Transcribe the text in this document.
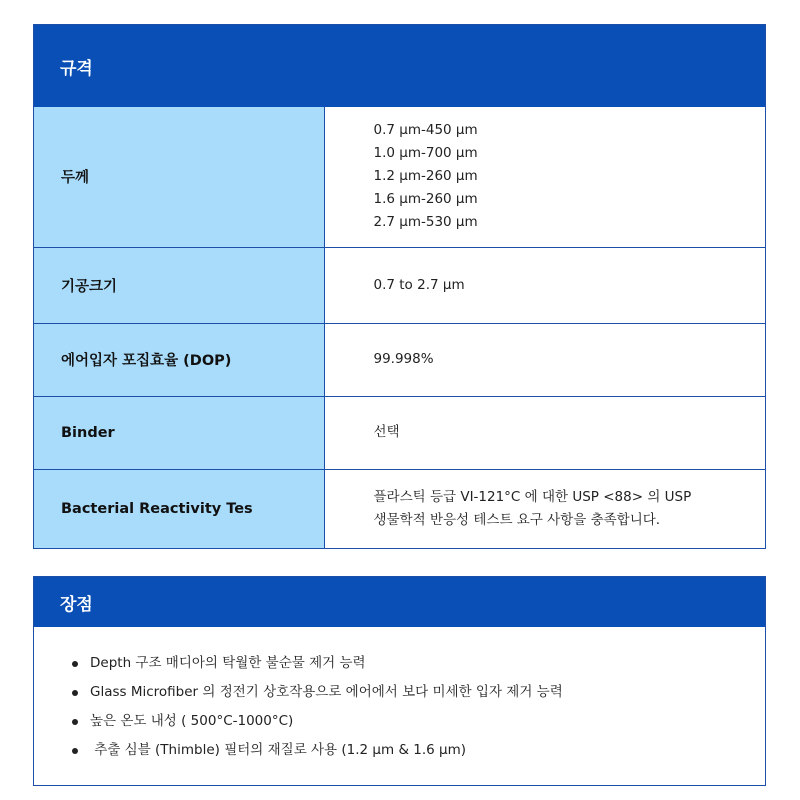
규격
두께	0.7 µm-450 µm
1.0 µm-700 µm
1.2 µm-260 µm
1.6 µm-260 µm
2.7 µm-530 µm

기공크기	0.7 to 2.7 µm

에어입자 포집효율 (DOP)	99.998%

Binder	선택

Bacterial Reactivity Tes	플라스틱 등급 VI-121°C 에 대한 USP <88> 의 USP
생물학적 반응성 테스트 요구 사항을 충족합니다.
장점
Depth 구조 매디아의 탁월한 불순물 제거 능력
Glass Microfiber 의 정전기 상호작용으로 에어에서 보다 미세한 입자 제거 능력
높은 온도 내성 ( 500°C-1000°C)
추출 심블 (Thimble) 필터의 재질로 사용 (1.2 µm & 1.6 µm)
